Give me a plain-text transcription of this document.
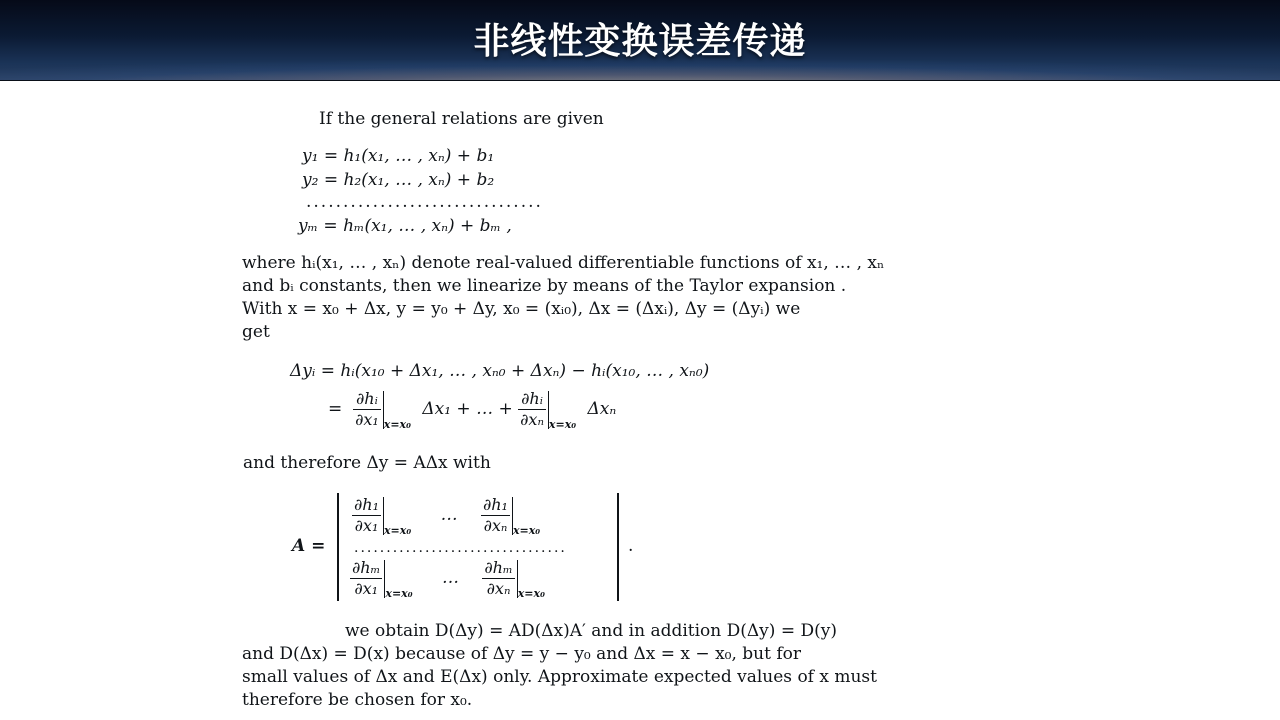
非线性变换误差传递
If the general relations are given
y₁ = h₁(x₁, … , xₙ) + b₁
y₂ = h₂(x₁, … , xₙ) + b₂
................................
yₘ = hₘ(x₁, … , xₙ) + bₘ ,
where hᵢ(x₁, … , xₙ) denote real-valued differentiable functions of x₁, … , xₙ
and bᵢ constants, then we linearize by means of the Taylor expansion .
With x = x₀ + Δx, y = y₀ + Δy, x₀ = (xᵢ₀), Δx = (Δxᵢ), Δy = (Δyᵢ) we
get
Δyᵢ = hᵢ(x₁₀ + Δx₁, … , xₙ₀ + Δxₙ) − hᵢ(x₁₀, … , xₙ₀)
= $\frac{\text{∂hᵢ}}{\text{∂x₁}} _{x=x_0}$ Δx₁ + … + $\frac{\text{∂hᵢ}}{\text{∂xₙ}} _{x=x_0}$ Δxₙ
and therefore Δy = AΔx with
A =	.
$\frac{\text{∂h₁}}{\text{∂x₁}} _{x=x_0}$ … $\frac{\text{∂h₁}}{\text{∂xₙ}} _{x=x_0}$
.................................
$\frac{\text{∂hₘ}}{\text{∂x₁}} _{x=x_0}$ … $\frac{\text{∂hₘ}}{\text{∂xₙ}} _{x=x_0}$
we obtain D(Δy) = AD(Δx)A′ and in addition D(Δy) = D(y)
and D(Δx) = D(x) because of Δy = y − y₀ and Δx = x − x₀, but for
small values of Δx and E(Δx) only. Approximate expected values of x must
therefore be chosen for x₀.
